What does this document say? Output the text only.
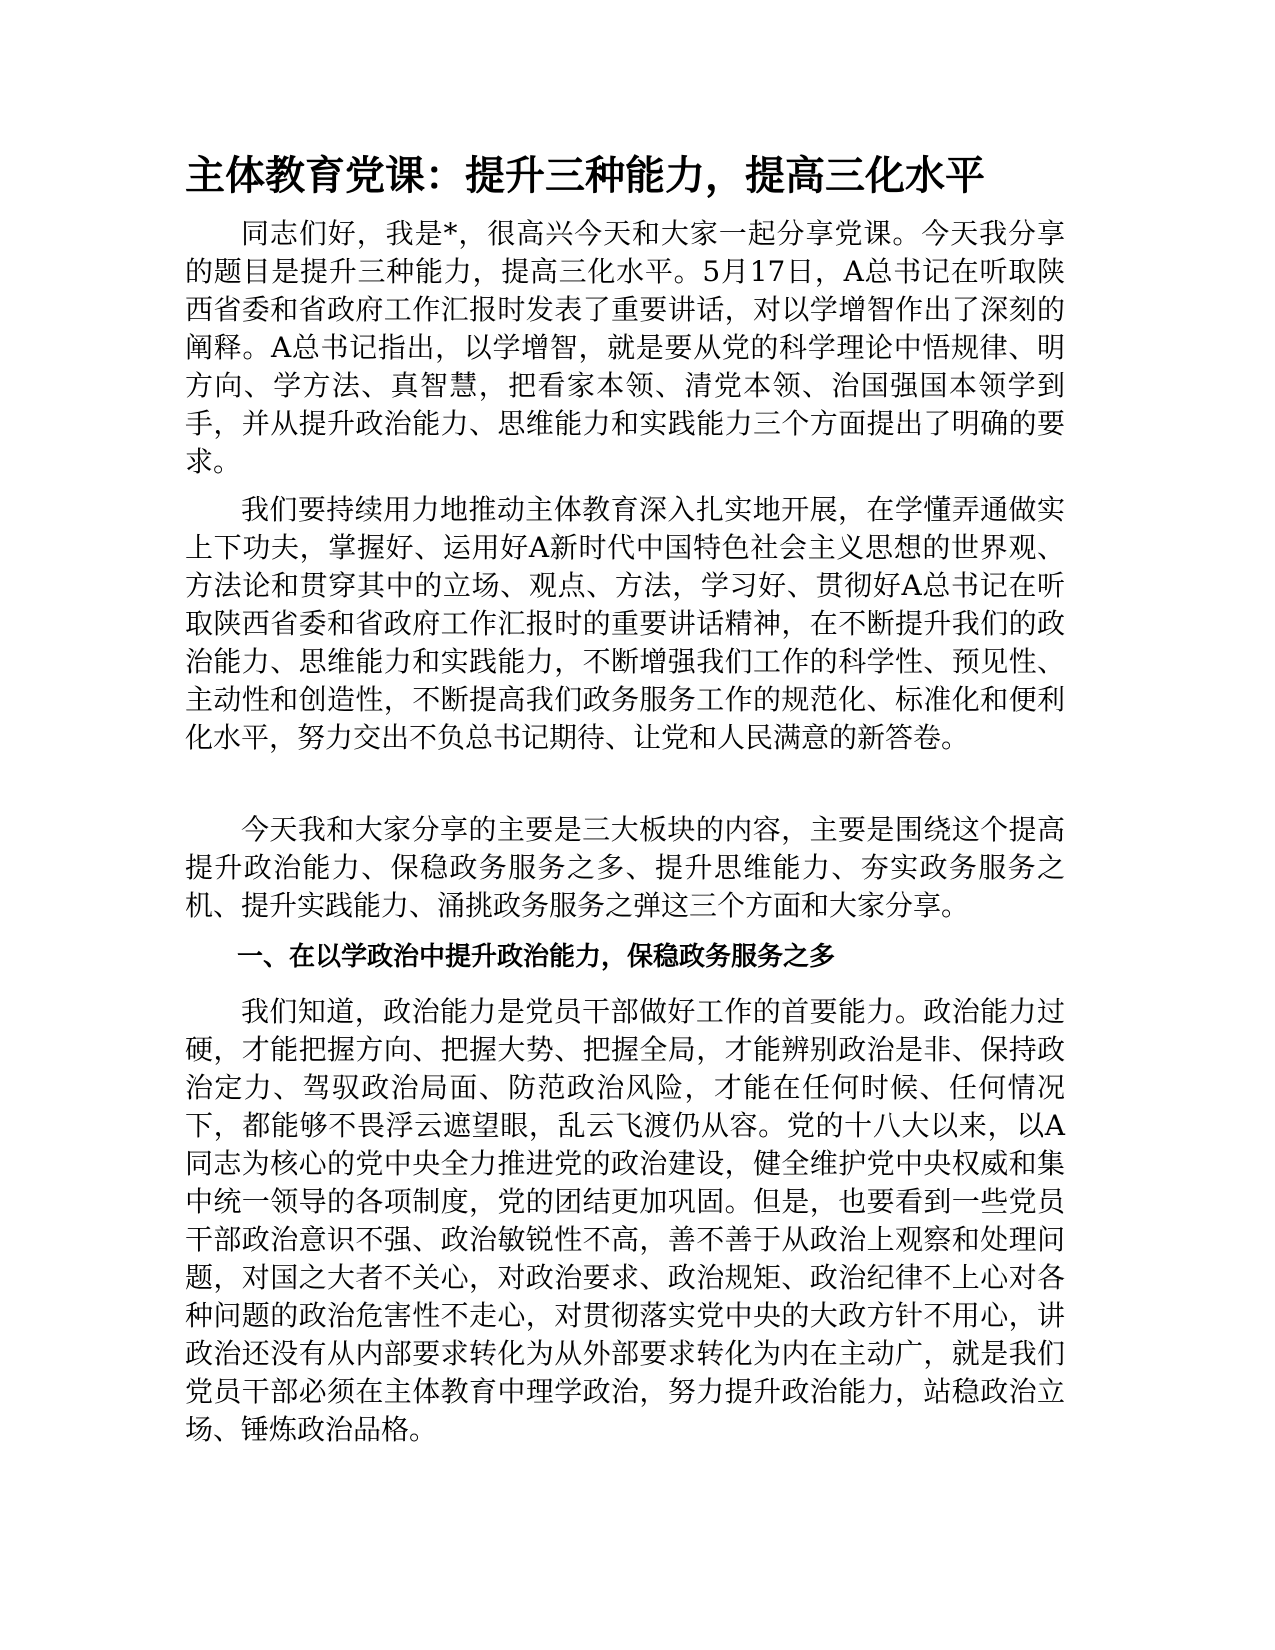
主体教育党课：提升三种能力，提高三化水平

同志们好，我是*，很高兴今天和大家一起分享党课。今天我分享的题目是提升三种能力，提高三化水平。5月17日，A总书记在听取陕西省委和省政府工作汇报时发表了重要讲话，对以学增智作出了深刻的阐释。A总书记指出，以学增智，就是要从党的科学理论中悟规律、明方向、学方法、真智慧，把看家本领、清党本领、治国强国本领学到手，并从提升政治能力、思维能力和实践能力三个方面提出了明确的要求。

我们要持续用力地推动主体教育深入扎实地开展，在学懂弄通做实上下功夫，掌握好、运用好A新时代中国特色社会主义思想的世界观、方法论和贯穿其中的立场、观点、方法，学习好、贯彻好A总书记在听取陕西省委和省政府工作汇报时的重要讲话精神，在不断提升我们的政治能力、思维能力和实践能力，不断增强我们工作的科学性、预见性、主动性和创造性，不断提高我们政务服务工作的规范化、标准化和便利化水平，努力交出不负总书记期待、让党和人民满意的新答卷。

今天我和大家分享的主要是三大板块的内容，主要是围绕这个提高提升政治能力、保稳政务服务之多、提升思维能力、夯实政务服务之机、提升实践能力、涌挑政务服务之弹这三个方面和大家分享。

一、在以学政治中提升政治能力，保稳政务服务之多

我们知道，政治能力是党员干部做好工作的首要能力。政治能力过硬，才能把握方向、把握大势、把握全局，才能辨别政治是非、保持政治定力、驾驭政治局面、防范政治风险，才能在任何时候、任何情况下，都能够不畏浮云遮望眼，乱云飞渡仍从容。党的十八大以来，以A同志为核心的党中央全力推进党的政治建设，健全维护党中央权威和集中统一领导的各项制度，党的团结更加巩固。但是，也要看到一些党员干部政治意识不强、政治敏锐性不高，善不善于从政治上观察和处理问题，对国之大者不关心，对政治要求、政治规矩、政治纪律不上心对各种问题的政治危害性不走心，对贯彻落实党中央的大政方针不用心，讲政治还没有从内部要求转化为从外部要求转化为内在主动广，就是我们党员干部必须在主体教育中理学政治，努力提升政治能力，站稳政治立场、锤炼政治品格。
